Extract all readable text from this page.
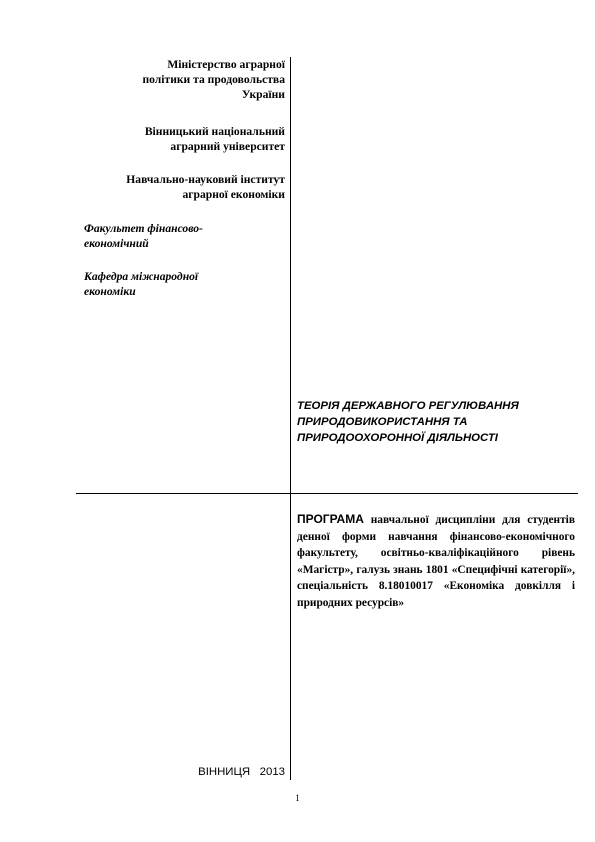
Міністерство аграрної
політики та продовольства
України
Вінницький національний
аграрний університет
Навчально-науковий інститут
аграрної економіки
Факультет фінансово-
економічний
Кафедра міжнародної
економіки
ТЕОРІЯ ДЕРЖАВНОГО РЕГУЛЮВАННЯ
ПРИРОДОВИКОРИСТАННЯ ТА
ПРИРОДООХОРОННОЇ ДІЯЛЬНОСТІ
ПРОГРАМА навчальної дисципліни для студентів денної форми навчання фінансово-економічного факультету, освітньо-кваліфікаційного рівень «Магістр», галузь знань 1801 «Специфічні категорії», спеціальність 8.18010017 «Економіка довкілля і природних ресурсів»
ВІННИЦЯ 2013
1
